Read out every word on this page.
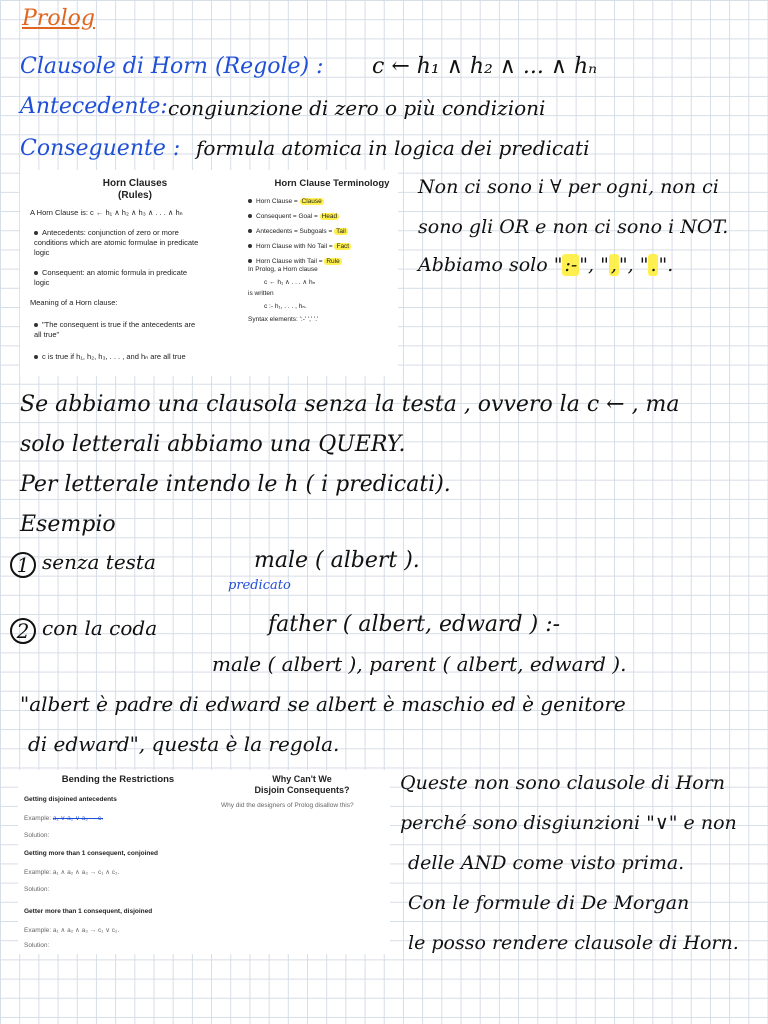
Prolog
Clausole di Horn (Regole) : c ← h₁ ∧ h₂ ∧ ... ∧ hₙ
Antecedente: congiunzione di zero o più condizioni
Conseguente : formula atomica in logica dei predicati
Horn Clauses
(Rules)
A Horn Clause is: c ← h₁ ∧ h₂ ∧ h₃ ∧ . . . ∧ hₙ
Antecedents: conjunction of zero or more conditions which are atomic formulae in predicate logic
Consequent: an atomic formula in predicate logic
Meaning of a Horn clause:
"The consequent is true if the antecedents are all true"
c is true if h₁, h₂, h₃, . . . , and hₙ are all true
Horn Clause Terminology
Horn Clause = Clause
Consequent = Goal = Head
Antecedents = Subgoals = Tail
Horn Clause with No Tail = Fact
Horn Clause with Tail = Rule
In Prolog, a Horn clause
c ← h₁ ∧ . . . ∧ hₙ
is written
c :- h₁, . . . , hₙ.
Syntax elements: ':-' ',' '.'
Non ci sono i ∀ per ogni, non ci
sono gli OR e non ci sono i NOT.
Abbiamo solo " :- ", " , ", " . ".
Se abbiamo una clausola senza la testa , ovvero la c ← , ma
solo letterali abbiamo una QUERY.
Per letterale intendo le h ( i predicati).
Esempio
1 senza testa	male ( albert ).
predicato
2 con la coda	father ( albert, edward ) :-
male ( albert ), parent ( albert, edward ).
"albert è padre di edward se albert è maschio ed è genitore
di edward", questa è la regola.
Bending the Restrictions
Getting disjoined antecedents
Example: a₁ ∨ a₂ ∨ a₃ → c.
Solution:
Getting more than 1 consequent, conjoined
Example: a₁ ∧ a₂ ∧ a₃ → c₁ ∧ c₂.
Solution:
Getter more than 1 consequent, disjoined
Example: a₁ ∧ a₂ ∧ a₃ → c₁ ∨ c₂.
Solution:
Why Can't We
Disjoin Consequents?
Why did the designers of Prolog disallow this?
Queste non sono clausole di Horn
perché sono disgiunzioni "∨" e non
delle AND come visto prima.
Con le formule di De Morgan
le posso rendere clausole di Horn.
